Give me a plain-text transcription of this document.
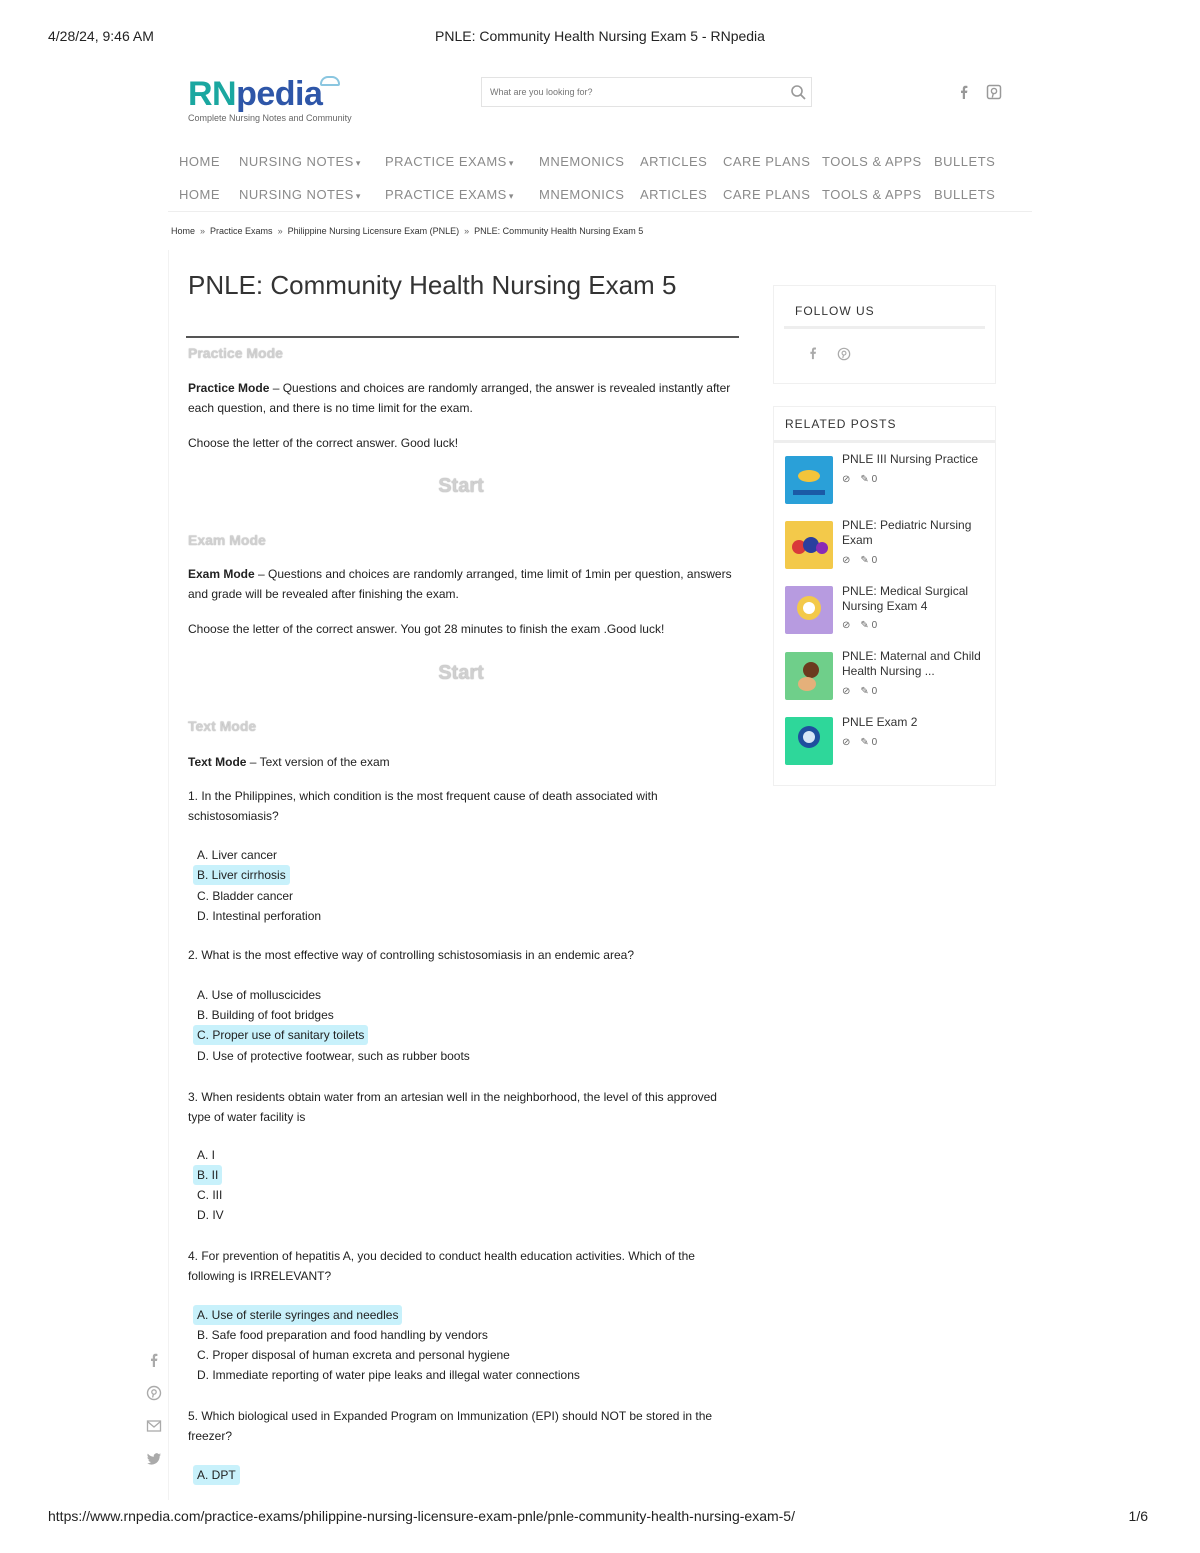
4/28/24, 9:46 AM	PNLE: Community Health Nursing Exam 5 - RNpedia
RNpedia
Complete Nursing Notes and Community
What are you looking for?
HOME NURSING NOTES ▾ PRACTICE EXAMS ▾ MNEMONICS ARTICLES CARE PLANS TOOLS & APPS BULLETS
HOME NURSING NOTES ▾ PRACTICE EXAMS ▾ MNEMONICS ARTICLES CARE PLANS TOOLS & APPS BULLETS
Home » Practice Exams » Philippine Nursing Licensure Exam (PNLE) » PNLE: Community Health Nursing Exam 5
PNLE: Community Health Nursing Exam 5
Practice Mode
Practice Mode – Questions and choices are randomly arranged, the answer is revealed instantly after each question, and there is no time limit for the exam.
Choose the letter of the correct answer. Good luck!
Start
Exam Mode
Exam Mode – Questions and choices are randomly arranged, time limit of 1min per question, answers and grade will be revealed after finishing the exam.
Choose the letter of the correct answer. You got 28 minutes to finish the exam .Good luck!
Start
Text Mode
Text Mode – Text version of the exam
1. In the Philippines, which condition is the most frequent cause of death associated with schistosomiasis?
A. Liver cancer
B. Liver cirrhosis
C. Bladder cancer
D. Intestinal perforation
2. What is the most effective way of controlling schistosomiasis in an endemic area?
A. Use of molluscicides
B. Building of foot bridges
C. Proper use of sanitary toilets
D. Use of protective footwear, such as rubber boots
3. When residents obtain water from an artesian well in the neighborhood, the level of this approved type of water facility is
A. I
B. II
C. III
D. IV
4. For prevention of hepatitis A, you decided to conduct health education activities. Which of the following is IRRELEVANT?
A. Use of sterile syringes and needles
B. Safe food preparation and food handling by vendors
C. Proper disposal of human excreta and personal hygiene
D. Immediate reporting of water pipe leaks and illegal water connections
5. Which biological used in Expanded Program on Immunization (EPI) should NOT be stored in the freezer?
A. DPT
FOLLOW US
RELATED POSTS
PNLE III Nursing Practice
⊘ ✎ 0
PNLE: Pediatric Nursing Exam
⊘ ✎ 0
PNLE: Medical Surgical Nursing Exam 4
⊘ ✎ 0
PNLE: Maternal and Child Health Nursing ...
⊘ ✎ 0
PNLE Exam 2
⊘ ✎ 0
https://www.rnpedia.com/practice-exams/philippine-nursing-licensure-exam-pnle/pnle-community-health-nursing-exam-5/	1/6
